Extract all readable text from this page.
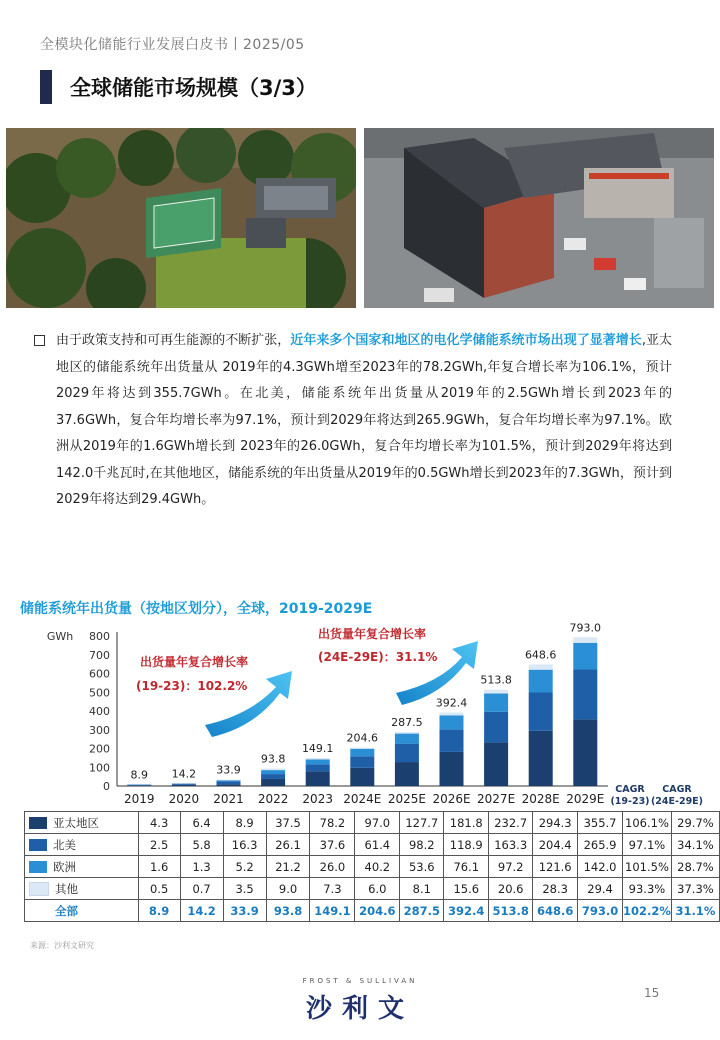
全模块化储能行业发展白皮书丨2025/05
全球储能市场规模（3/3）
由于政策支持和可再生能源的不断扩张，近年来多个国家和地区的电化学储能系统市场出现了显著增长,亚太地区的储能系统年出货量从 2019年的4.3GWh增至2023年的78.2GWh,年复合增长率为106.1%，预计 2029年将达到355.7GWh。在北美，储能系统年出货量从2019年的2.5GWh增长到2023年的37.6GWh，复合年均增长率为97.1%，预计到2029年将达到265.9GWh，复合年均增长率为97.1%。欧洲从2019年的1.6GWh增长到 2023年的26.0GWh，复合年均增长率为101.5%，预计到2029年将达到142.0千兆瓦时,在其他地区，储能系统的年出货量从2019年的0.5GWh增长到2023年的7.3GWh，预计到2029年将达到29.4GWh。
储能系统年出货量（按地区划分），全球，2019-2029E
GWh
0
100
200
300
400
500
600
700
800
8.9
2019
14.2
2020
33.9
2021
93.8
2022
149.1
2023
204.6
2024E
287.5
2025E
392.4
2026E
513.8
2027E
648.6
2028E
793.0
2029E
出货量年复合增长率
(19-23)：102.2%
出货量年复合增长率
(24E-29E)：31.1%
CAGR
(19-23)
CAGR
(24E-29E)
亚太地区	4.3	6.4	8.9	37.5	78.2	97.0	127.7	181.8	232.7	294.3	355.7	106.1%	29.7%
北美	2.5	5.8	16.3	26.1	37.6	61.4	98.2	118.9	163.3	204.4	265.9	97.1%	34.1%
欧洲	1.6	1.3	5.2	21.2	26.0	40.2	53.6	76.1	97.2	121.6	142.0	101.5%	28.7%
其他	0.5	0.7	3.5	9.0	7.3	6.0	8.1	15.6	20.6	28.3	29.4	93.3%	37.3%
全部	8.9	14.2	33.9	93.8	149.1	204.6	287.5	392.4	513.8	648.6	793.0	102.2%	31.1%
来源：沙利文研究
FROST & SULLIVAN
沙利文
15
